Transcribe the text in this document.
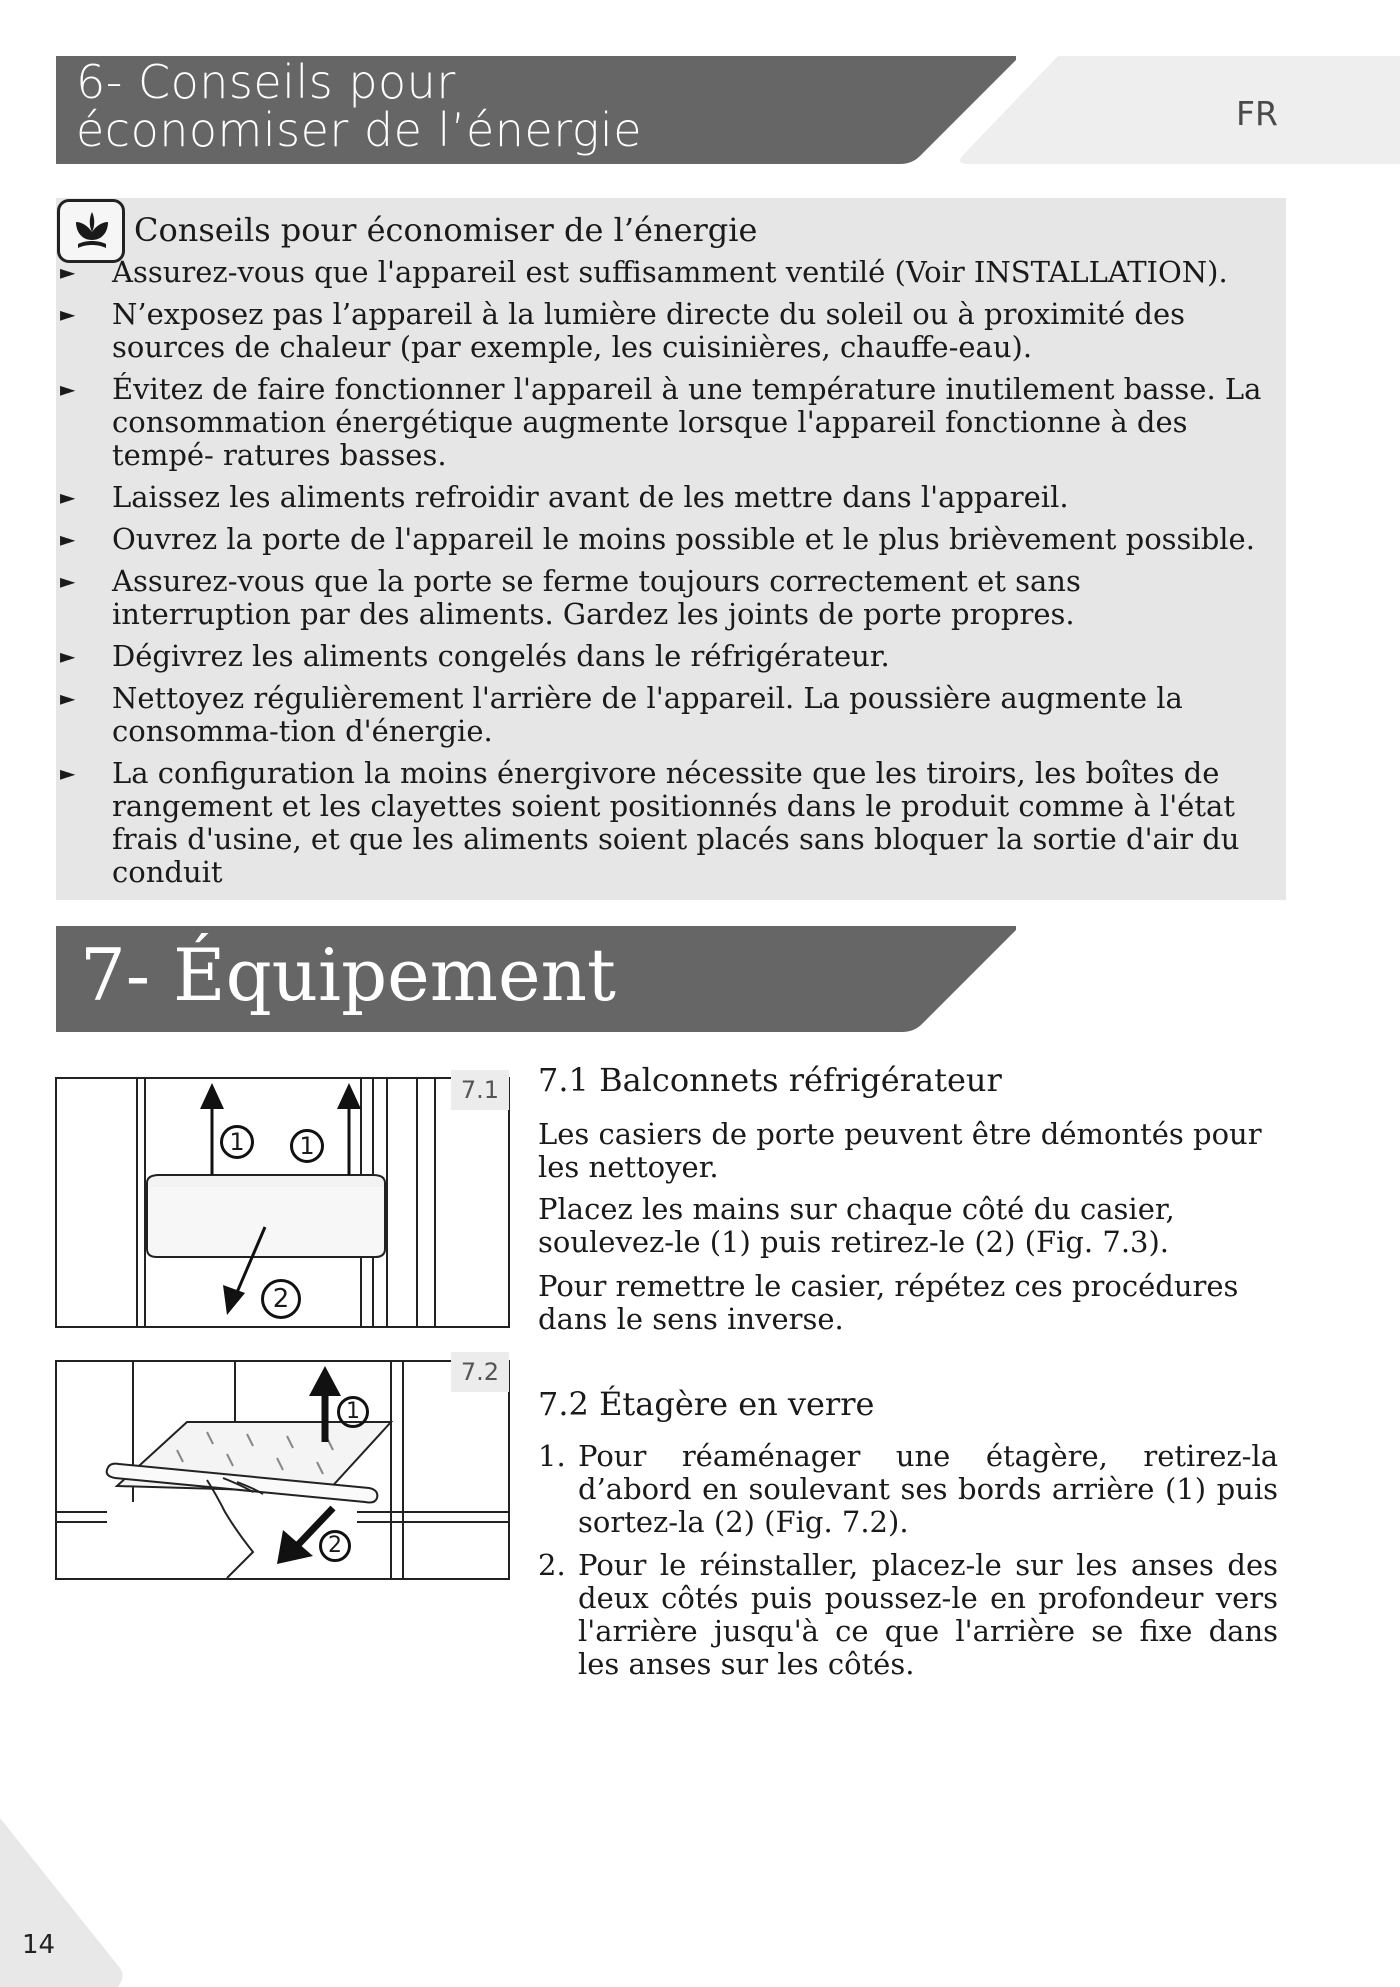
6- Conseils pour
économiser de l’énergie	FR
Conseils pour économiser de l’énergie
► Assurez-vous que l'appareil est suffisamment ventilé (Voir INSTALLATION).
► N’exposez pas l’appareil à la lumière directe du soleil ou à proximité des sources de chaleur (par exemple, les cuisinières, chauffe-eau).
► Évitez de faire fonctionner l'appareil à une température inutilement basse. La consommation énergétique augmente lorsque l'appareil fonctionne à des tempé- ratures basses.
► Laissez les aliments refroidir avant de les mettre dans l'appareil.
► Ouvrez la porte de l'appareil le moins possible et le plus brièvement possible.
► Assurez-vous que la porte se ferme toujours correctement et sans interruption par des aliments. Gardez les joints de porte propres.
► Dégivrez les aliments congelés dans le réfrigérateur.
► Nettoyez régulièrement l'arrière de l'appareil. La poussière augmente la consomma-tion d'énergie.
► La configuration la moins énergivore nécessite que les tiroirs, les boîtes de rangement et les clayettes soient positionnés dans le produit comme à l'état frais d'usine, et que les aliments soient placés sans bloquer la sortie d'air du conduit
7- Équipement
1	1
2
7.1
1
2
7.2
7.1 Balconnets réfrigérateur

Les casiers de porte peuvent être démontés pour les nettoyer.

Placez les mains sur chaque côté du casier, soulevez-le (1) puis retirez-le (2) (Fig. 7.3).

Pour remettre le casier, répétez ces procédures dans le sens inverse.

7.2 Étagère en verre
1. Pour réaménager une étagère, retirez-la d’abord en soulevant ses bords arrière (1) puis sortez-la (2) (Fig. 7.2).
2. Pour le réinstaller, placez-le sur les anses des deux côtés puis poussez-le en profondeur vers l'arrière jusqu'à ce que l'arrière se fixe dans les anses sur les côtés.
14
